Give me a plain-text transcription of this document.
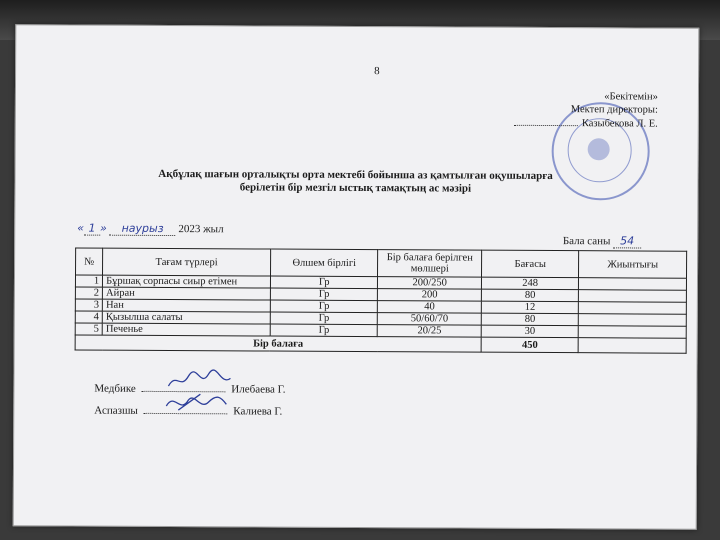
8
«Бекітемін»
Мектеп директоры:
Казыбекова Л. Е.
Ақбұлақ шағын орталықты орта мектебі бойынша аз қамтылған оқушыларға
берілетін бір мезгіл ыстық тамақтың ас мәзірі
« 1 » наурыз 2023 жыл
Бала саны 54
№	Тағам түрлері	Өлшем бірлігі	Бір балаға берілген мөлшері	Бағасы	Жиынтығы
1	Бұршақ сорпасы сиыр етімен	Гр	200/250	248	
2	Айран	Гр	200	80	
3	Нан	Гр	40	12	
4	Қызылша салаты	Гр	50/60/70	80	
5	Печенье	Гр	20/25	30	
Бір балаға				450	
Медбике	Илебаева Г.
Аспазшы	Калиева Г.
